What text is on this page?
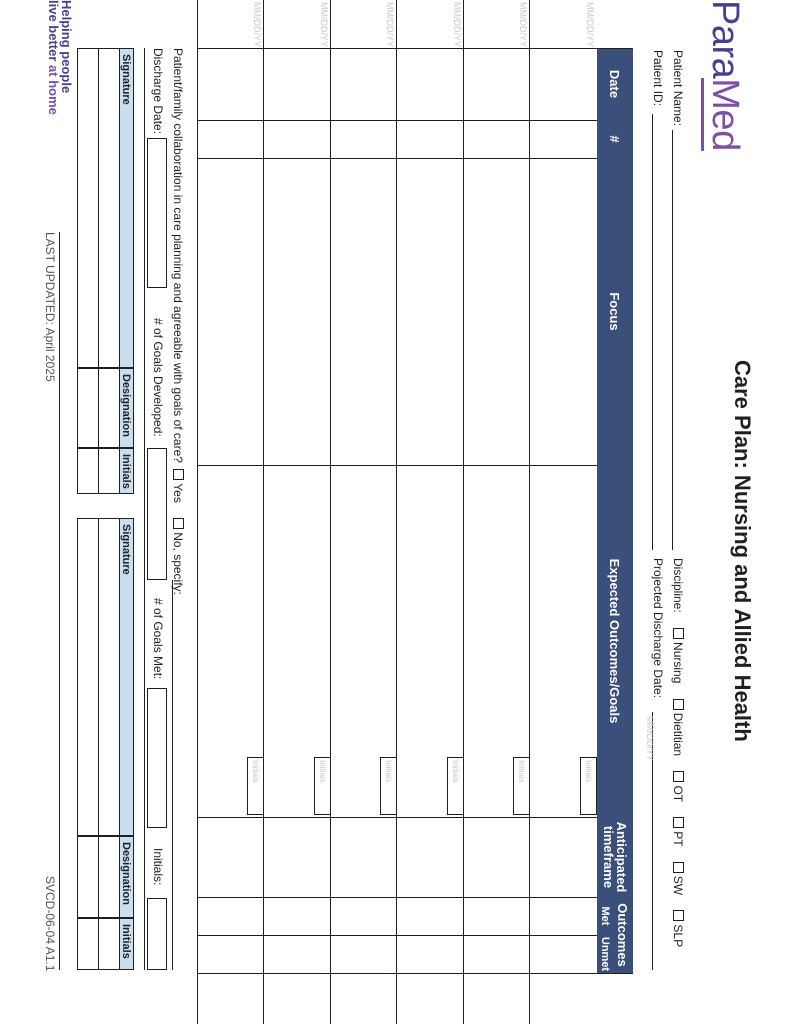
ParaMed
Care Plan: Nursing and Allied Health
Patient Name:
Patient ID:
Discipline: Nursing Dietitian OT PT SW SLP
Projected Discharge Date:
MM/DD/YY
Date
#
Focus
Expected Outcomes/Goals
Anticipated
timeframe
Outcomes
Met
Unmet
MM/DD/YY
Initials
MM/DD/YY
Initials
MM/DD/YY
Initials
MM/DD/YY
Initials
MM/DD/YY
Initials
MM/DD/YY
Initials
Patient/family collaboration in care planning and agreeable with goals of care? Yes No, specify:
Discharge Date:
# of Goals Developed:
# of Goals Met:
Initials:
Signature
Designation
Initials
Signature
Designation
Initials
Helping people
live better at home
LAST UPDATED: April 2025
SVCD-06-04 A1.1
